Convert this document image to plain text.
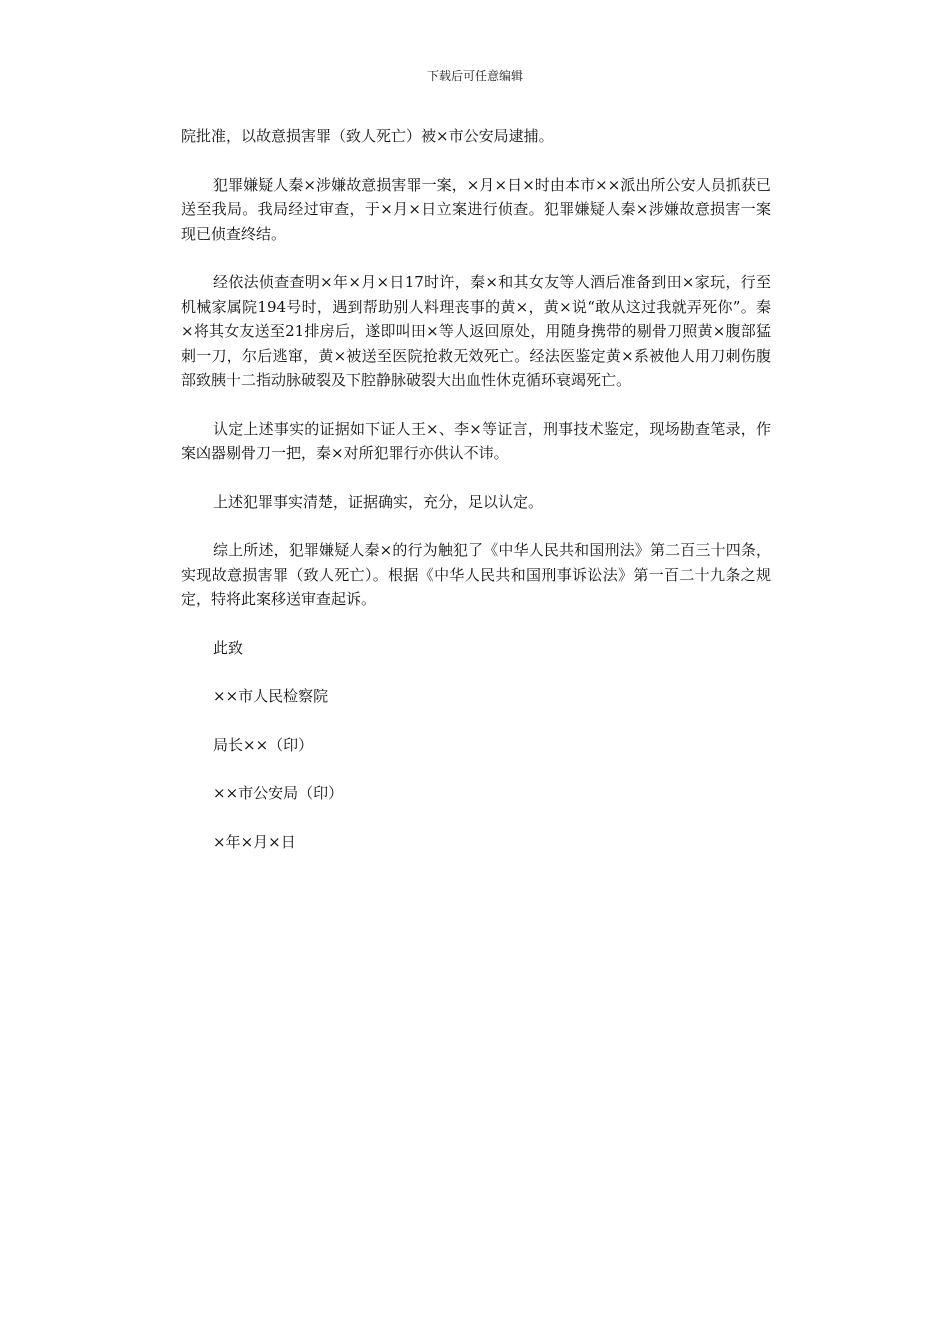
下载后可任意编辑

院批准，以故意损害罪（致人死亡）被×市公安局逮捕。

犯罪嫌疑人秦×涉嫌故意损害罪一案，×月×日×时由本市××派出所公安人员抓获已送至我局。我局经过审查，于×月×日立案进行侦查。犯罪嫌疑人秦×涉嫌故意损害一案现已侦查终结。

经依法侦查查明×年×月×日17时许，秦×和其女友等人酒后准备到田×家玩，行至机械家属院194号时，遇到帮助别人料理丧事的黄×，黄×说“敢从这过我就弄死你”。秦×将其女友送至21排房后，遂即叫田×等人返回原处，用随身携带的剔骨刀照黄×腹部猛刺一刀，尔后逃窜，黄×被送至医院抢救无效死亡。经法医鉴定黄×系被他人用刀刺伤腹部致胰十二指动脉破裂及下腔静脉破裂大出血性休克循环衰竭死亡。

认定上述事实的证据如下证人王×、李×等证言，刑事技术鉴定，现场勘查笔录，作案凶器剔骨刀一把，秦×对所犯罪行亦供认不讳。

上述犯罪事实清楚，证据确实，充分，足以认定。

综上所述，犯罪嫌疑人秦×的行为触犯了《中华人民共和国刑法》第二百三十四条，实现故意损害罪（致人死亡）。根据《中华人民共和国刑事诉讼法》第一百二十九条之规定，特将此案移送审查起诉。

此致

××市人民检察院

局长××（印）

××市公安局（印）

×年×月×日
